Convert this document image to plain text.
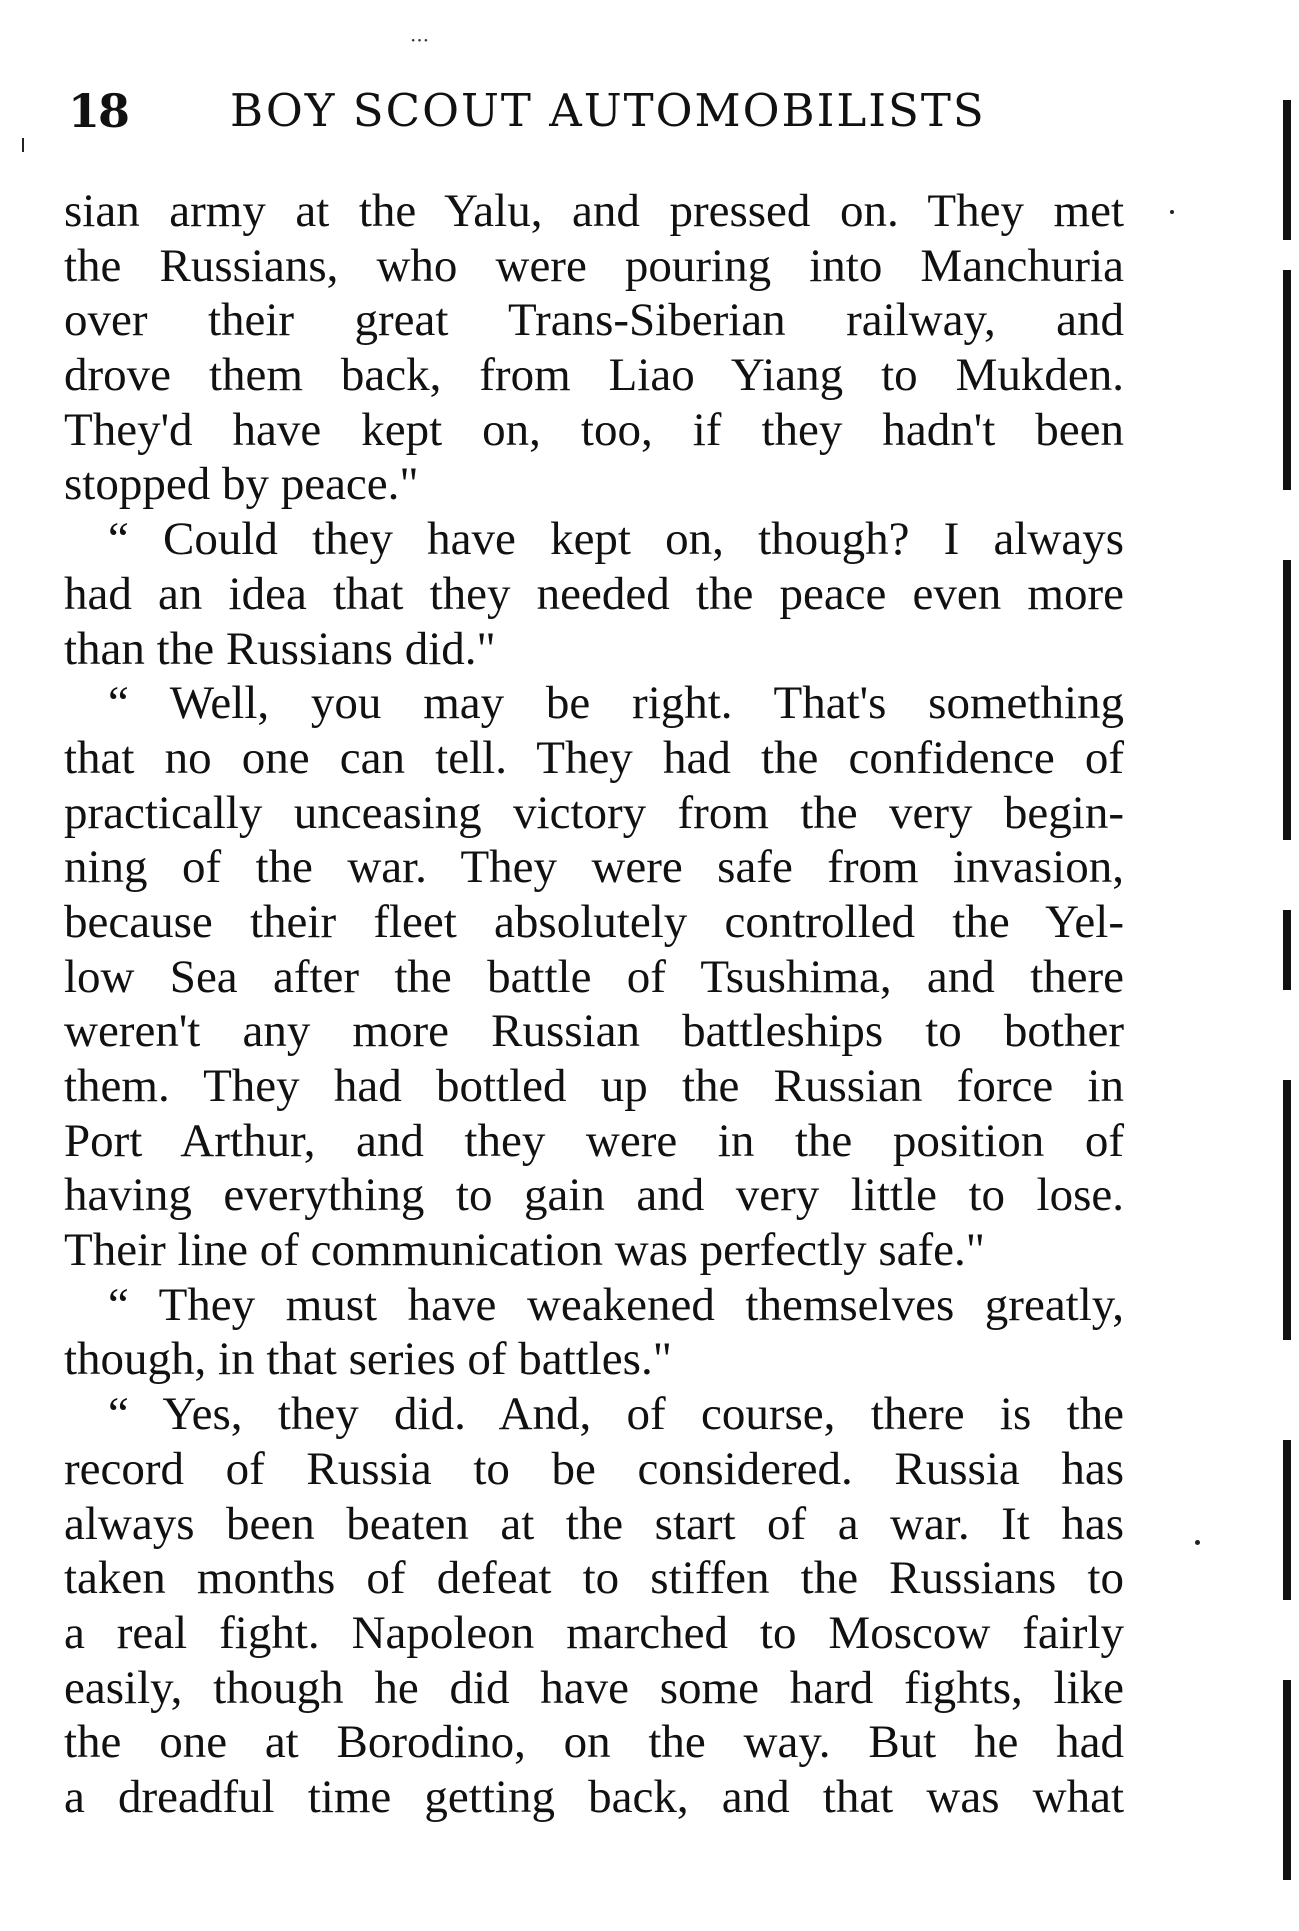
···
18 BOY SCOUT AUTOMOBILISTS
sian army at the Yalu, and pressed on. They met
the Russians, who were pouring into Manchuria
over their great Trans-Siberian railway, and
drove them back, from Liao Yiang to Mukden.
They'd have kept on, too, if they hadn't been
stopped by peace."
“ Could they have kept on, though? I always
had an idea that they needed the peace even more
than the Russians did."
“ Well, you may be right. That's something
that no one can tell. They had the confidence of
practically unceasing victory from the very begin-
ning of the war. They were safe from invasion,
because their fleet absolutely controlled the Yel-
low Sea after the battle of Tsushima, and there
weren't any more Russian battleships to bother
them. They had bottled up the Russian force in
Port Arthur, and they were in the position of
having everything to gain and very little to lose.
Their line of communication was perfectly safe."
“ They must have weakened themselves greatly,
though, in that series of battles."
“ Yes, they did. And, of course, there is the
record of Russia to be considered. Russia has
always been beaten at the start of a war. It has
taken months of defeat to stiffen the Russians to
a real fight. Napoleon marched to Moscow fairly
easily, though he did have some hard fights, like
the one at Borodino, on the way. But he had
a dreadful time getting back, and that was what
